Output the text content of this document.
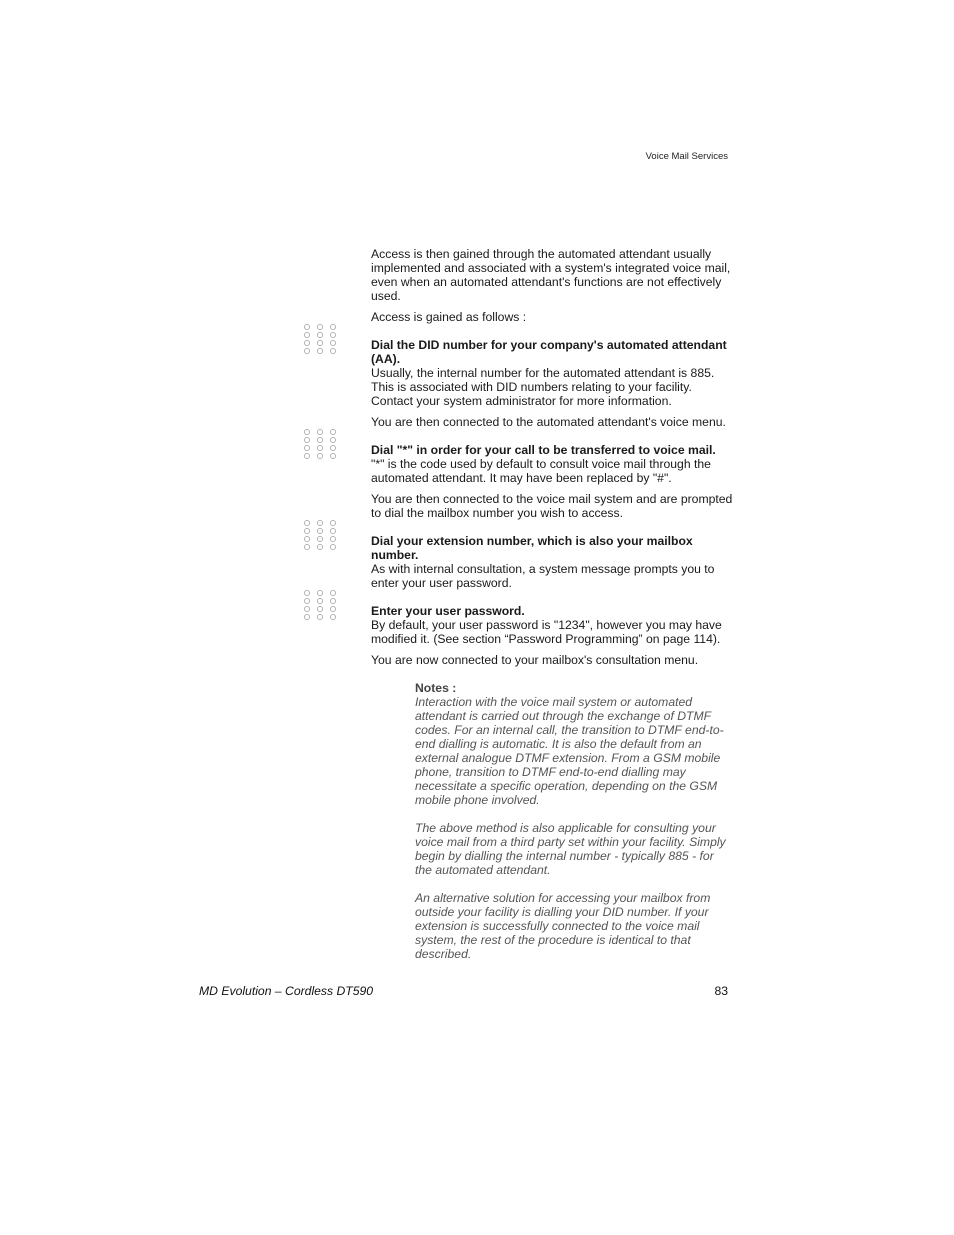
Voice Mail Services

Access is then gained through the automated attendant usually implemented and associated with a system's integrated voice mail, even when an automated attendant's functions are not effectively used.

Access is gained as follows :

Dial the DID number for your company's automated attendant (AA).
Usually, the internal number for the automated attendant is 885. This is associated with DID numbers relating to your facility. Contact your system administrator for more information.

You are then connected to the automated attendant's voice menu.

Dial "*" in order for your call to be transferred to voice mail.
"*" is the code used by default to consult voice mail through the automated attendant. It may have been replaced by "#".

You are then connected to the voice mail system and are prompted to dial the mailbox number you wish to access.

Dial your extension number, which is also your mailbox number.
As with internal consultation, a system message prompts you to enter your user password.
Enter your user password.
By default, your user password is "1234", however you may have modified it. (See section “Password Programming” on page 114).

You are now connected to your mailbox's consultation menu.

Notes :
Interaction with the voice mail system or automated attendant is carried out through the exchange of DTMF codes. For an internal call, the transition to DTMF end-to-end dialling is automatic. It is also the default from an external analogue DTMF extension. From a GSM mobile phone, transition to DTMF end-to-end dialling may necessitate a specific operation, depending on the GSM mobile phone involved.
The above method is also applicable for consulting your voice mail from a third party set within your facility. Simply begin by dialling the internal number - typically 885 - for the automated attendant.
An alternative solution for accessing your mailbox from outside your facility is dialling your DID number. If your extension is successfully connected to the voice mail system, the rest of the procedure is identical to that described.
MD Evolution – Cordless DT590	83
